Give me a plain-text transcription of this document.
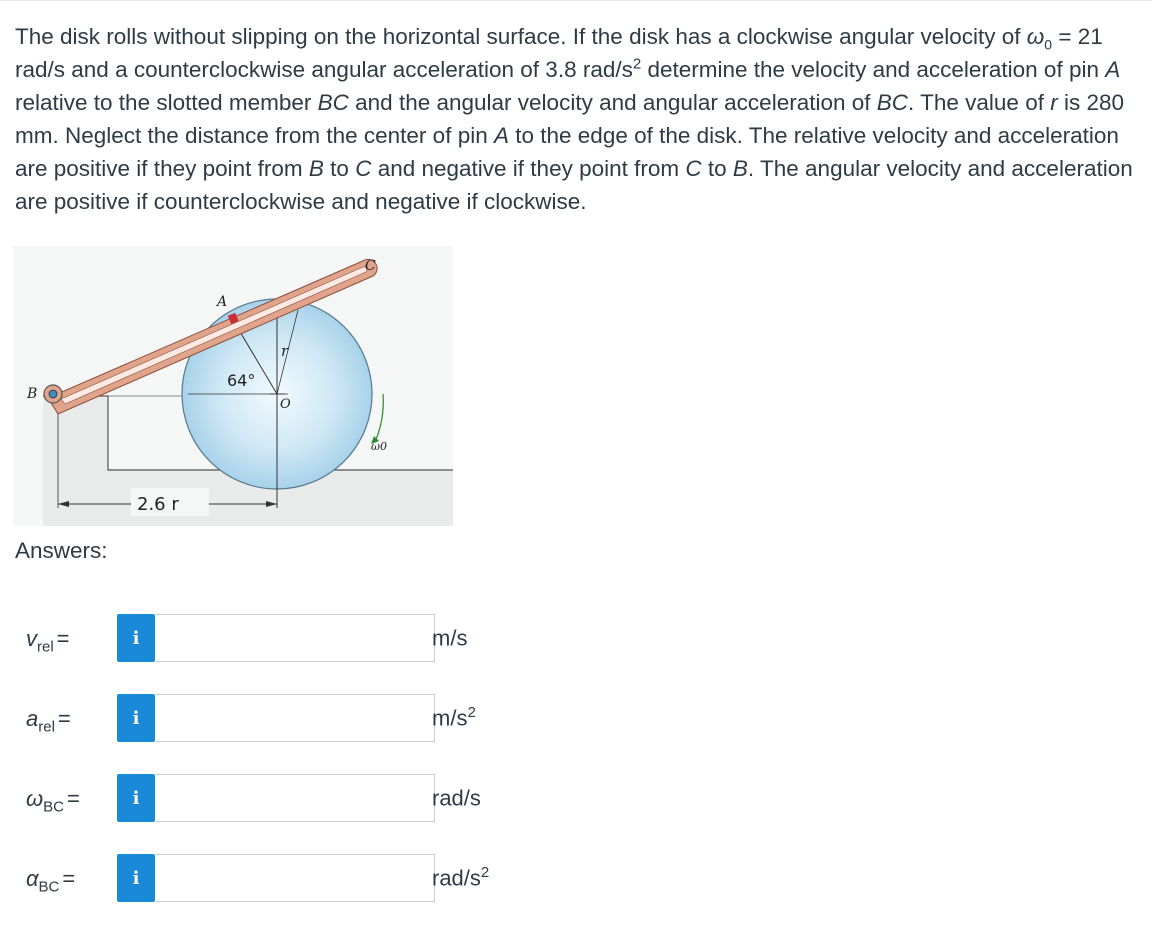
The disk rolls without slipping on the horizontal surface. If the disk has a clockwise angular velocity of $\omega_0 = 21$ rad/s and a counterclockwise angular acceleration of 3.8 rad/$s^2$ determine the velocity and acceleration of pin A relative to the slotted member BC and the angular velocity and angular acceleration of BC. The value of r is 280 mm. Neglect the distance from the center of pin A to the edge of the disk. The relative velocity and acceleration are positive if they point from B to C and negative if they point from C to B. The angular velocity and acceleration are positive if counterclockwise and negative if clockwise.

A
B
C
r
O
64°
ω0
2.6 r
Answers:
$v_{rel}$ =	i	m/s
$a_{rel}$ =	i	$m/s^2$
$\omega_{BC}$ =	i	rad/s
$\alpha_{BC}$ =	i	rad/$s^2$
